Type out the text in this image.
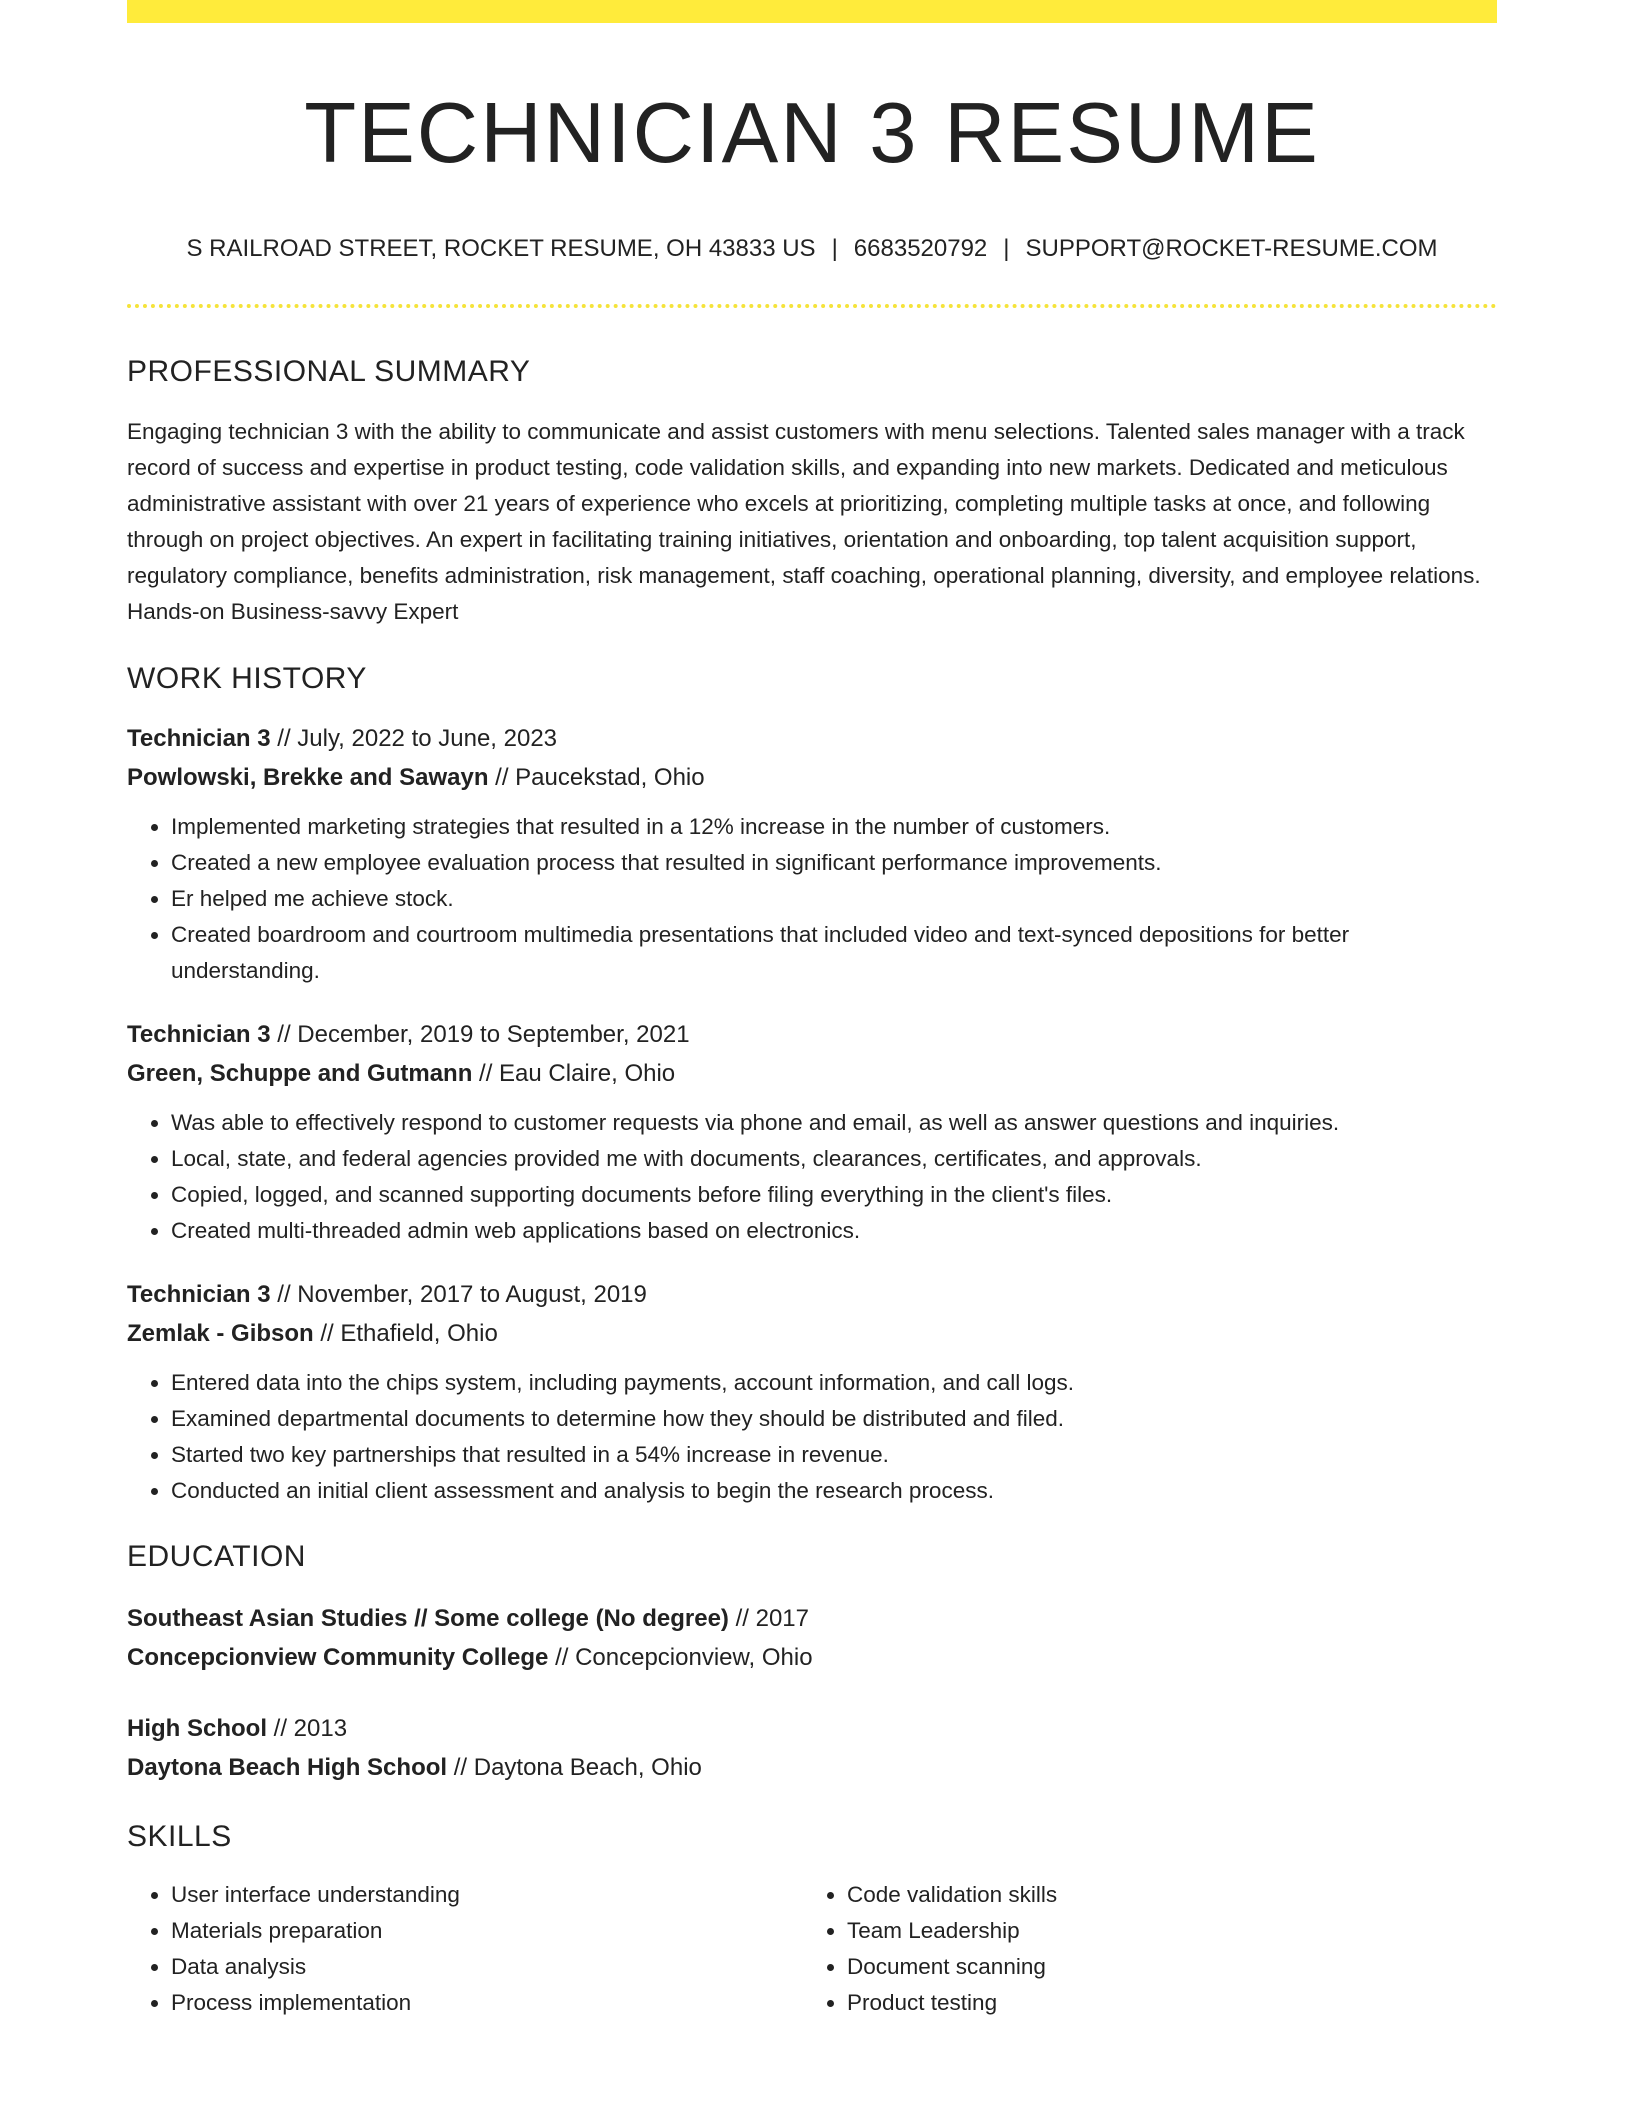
TECHNICIAN 3 RESUME
S RAILROAD STREET, ROCKET RESUME, OH 43833 US | 6683520792 | SUPPORT@ROCKET-RESUME.COM
PROFESSIONAL SUMMARY
Engaging technician 3 with the ability to communicate and assist customers with menu selections. Talented sales manager with a track record of success and expertise in product testing, code validation skills, and expanding into new markets. Dedicated and meticulous administrative assistant with over 21 years of experience who excels at prioritizing, completing multiple tasks at once, and following through on project objectives. An expert in facilitating training initiatives, orientation and onboarding, top talent acquisition support, regulatory compliance, benefits administration, risk management, staff coaching, operational planning, diversity, and employee relations. Hands-on Business-savvy Expert
WORK HISTORY
Technician 3 // July, 2022 to June, 2023
Powlowski, Brekke and Sawayn // Paucekstad, Ohio
• Implemented marketing strategies that resulted in a 12% increase in the number of customers.
• Created a new employee evaluation process that resulted in significant performance improvements.
• Er helped me achieve stock.
• Created boardroom and courtroom multimedia presentations that included video and text-synced depositions for better understanding.
Technician 3 // December, 2019 to September, 2021
Green, Schuppe and Gutmann // Eau Claire, Ohio
• Was able to effectively respond to customer requests via phone and email, as well as answer questions and inquiries.
• Local, state, and federal agencies provided me with documents, clearances, certificates, and approvals.
• Copied, logged, and scanned supporting documents before filing everything in the client's files.
• Created multi-threaded admin web applications based on electronics.
Technician 3 // November, 2017 to August, 2019
Zemlak - Gibson // Ethafield, Ohio
• Entered data into the chips system, including payments, account information, and call logs.
• Examined departmental documents to determine how they should be distributed and filed.
• Started two key partnerships that resulted in a 54% increase in revenue.
• Conducted an initial client assessment and analysis to begin the research process.
EDUCATION
Southeast Asian Studies // Some college (No degree) // 2017
Concepcionview Community College // Concepcionview, Ohio
High School // 2013
Daytona Beach High School // Daytona Beach, Ohio
SKILLS
• User interface understanding
• Materials preparation
• Data analysis
• Process implementation
• Code validation skills
• Team Leadership
• Document scanning
• Product testing
